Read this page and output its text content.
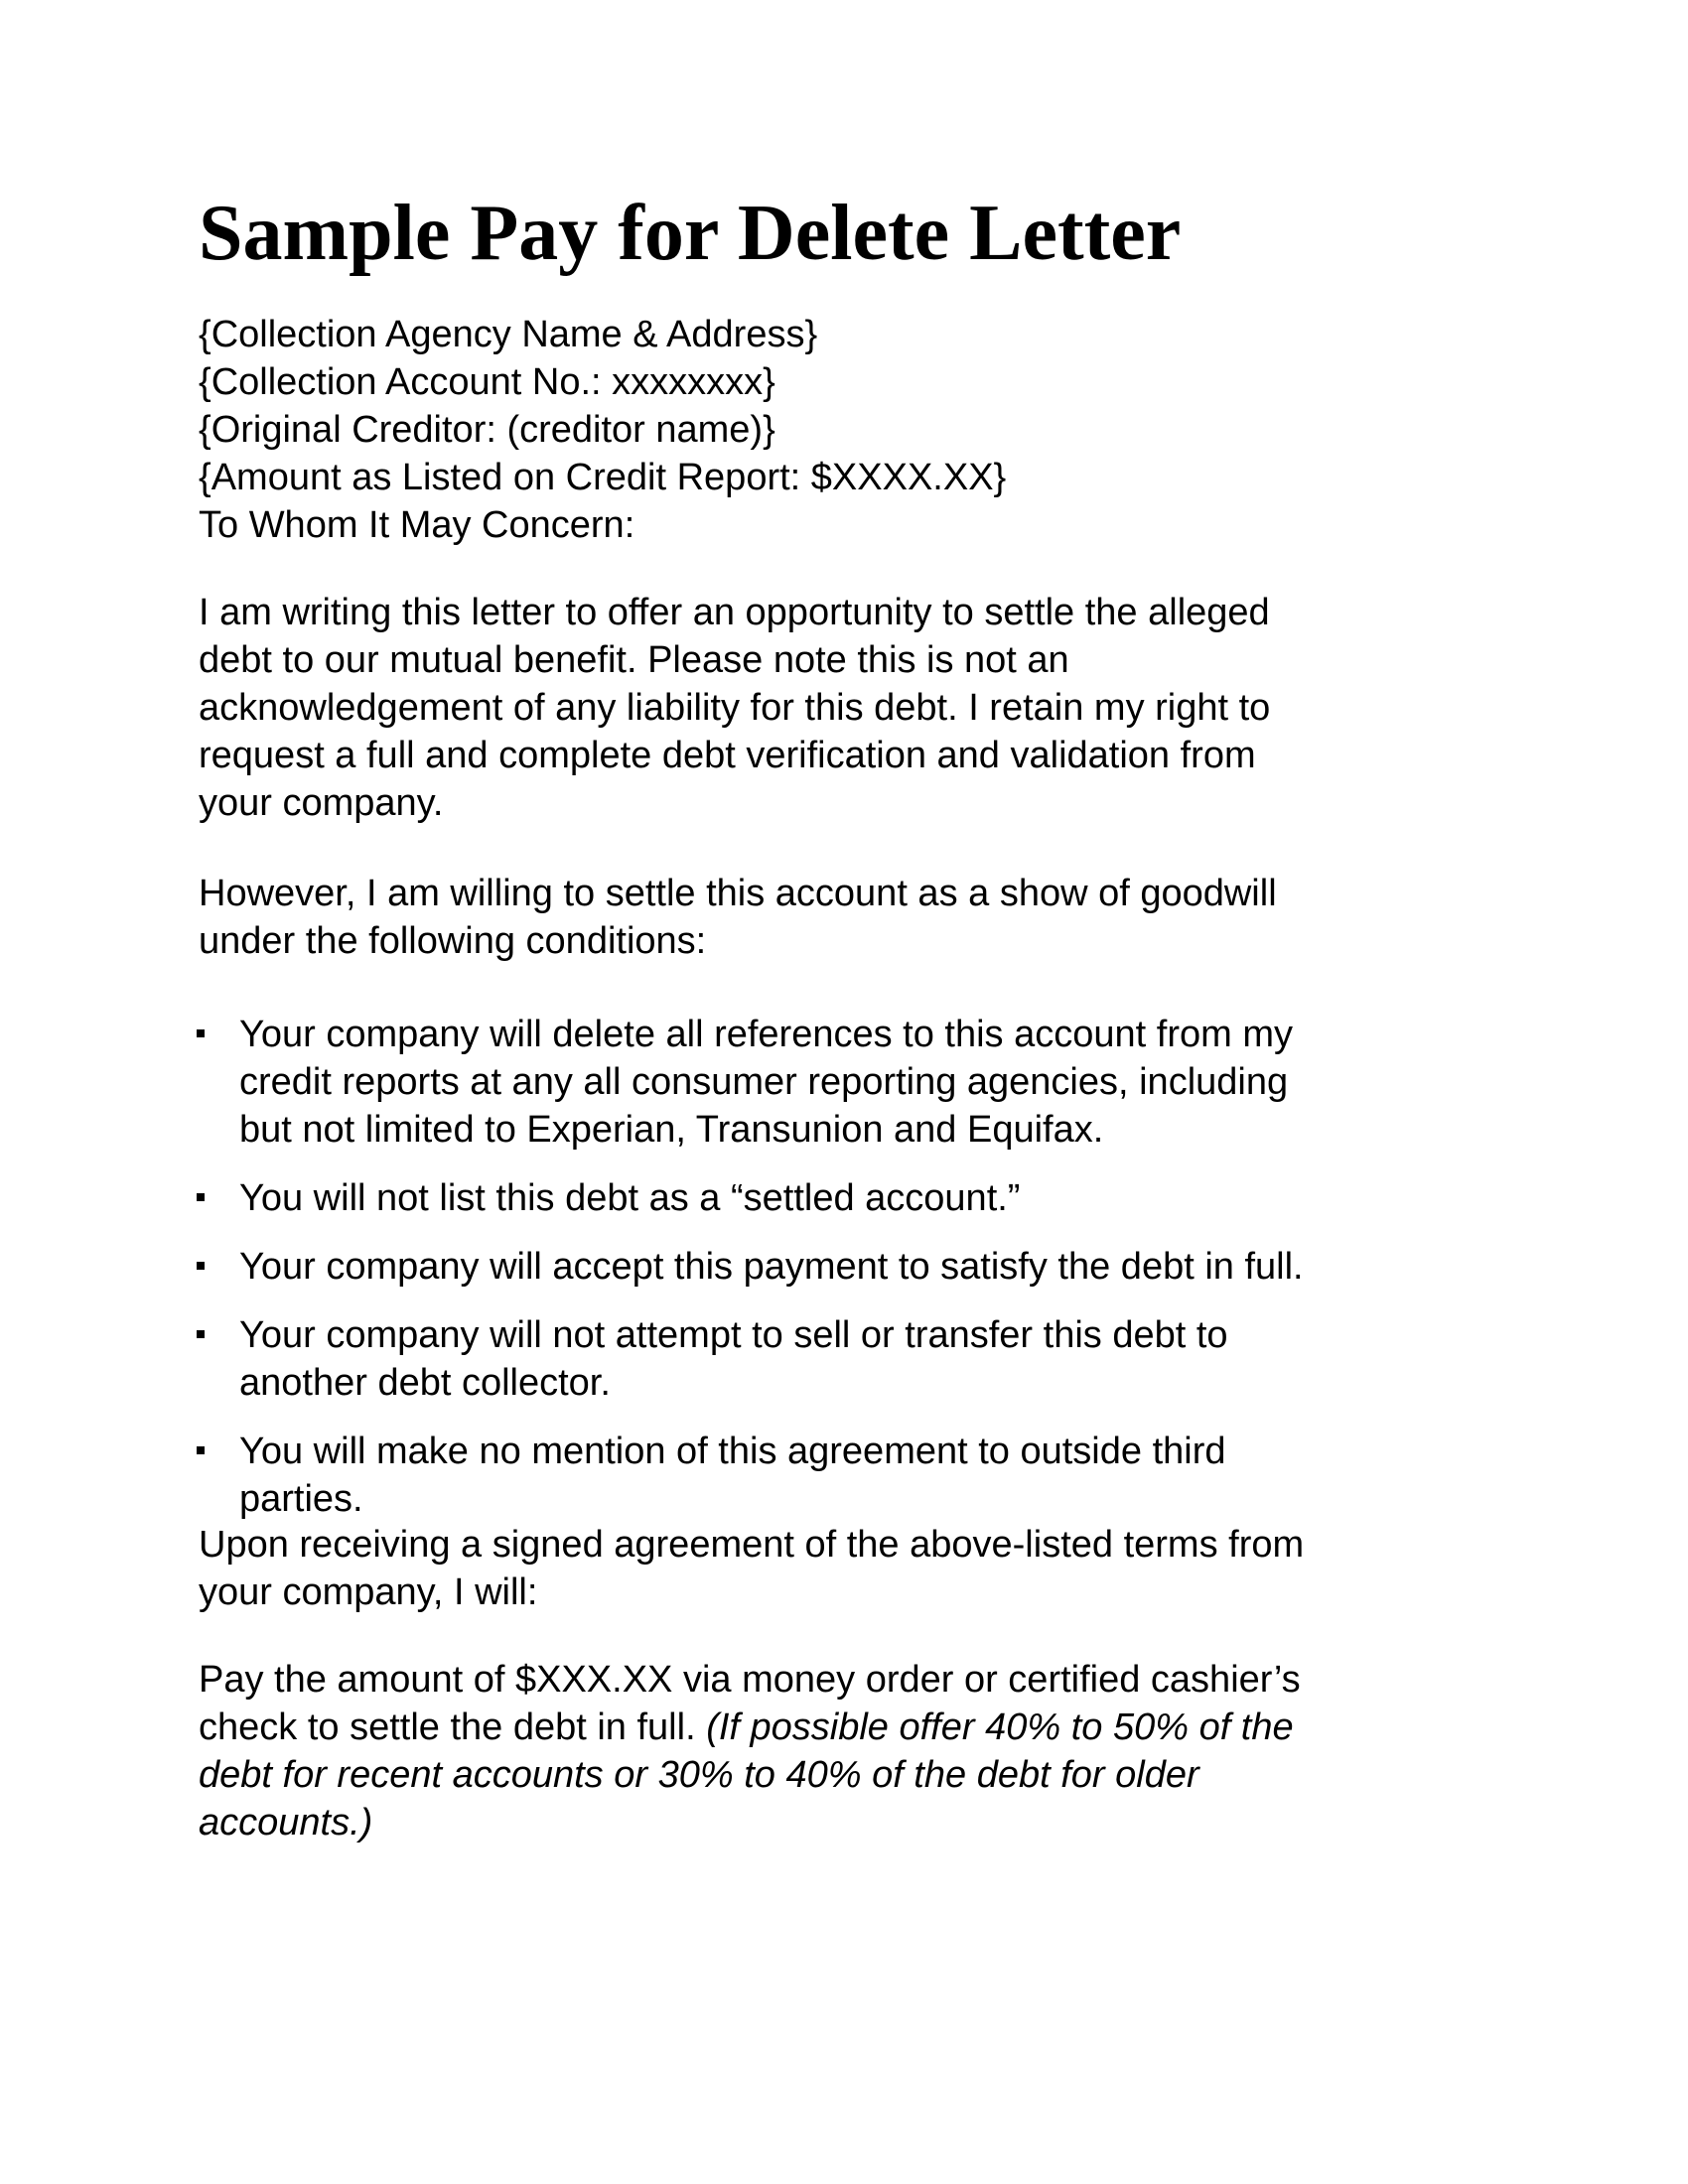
Sample Pay for Delete Letter
{Collection Agency Name & Address}
{Collection Account No.: xxxxxxxx}
{Original Creditor: (creditor name)}
{Amount as Listed on Credit Report: $XXXX.XX}
To Whom It May Concern:
I am writing this letter to offer an opportunity to settle the alleged
debt to our mutual benefit. Please note this is not an
acknowledgement of any liability for this debt. I retain my right to
request a full and complete debt verification and validation from
your company.
However, I am willing to settle this account as a show of goodwill
under the following conditions:
Your company will delete all references to this account from my
credit reports at any all consumer reporting agencies, including
but not limited to Experian, Transunion and Equifax.
You will not list this debt as a “settled account.”
Your company will accept this payment to satisfy the debt in full.
Your company will not attempt to sell or transfer this debt to
another debt collector.
You will make no mention of this agreement to outside third
parties.
Upon receiving a signed agreement of the above-listed terms from
your company, I will:
Pay the amount of $XXX.XX via money order or certified cashier’s
check to settle the debt in full. (If possible offer 40% to 50% of the
debt for recent accounts or 30% to 40% of the debt for older
accounts.)
